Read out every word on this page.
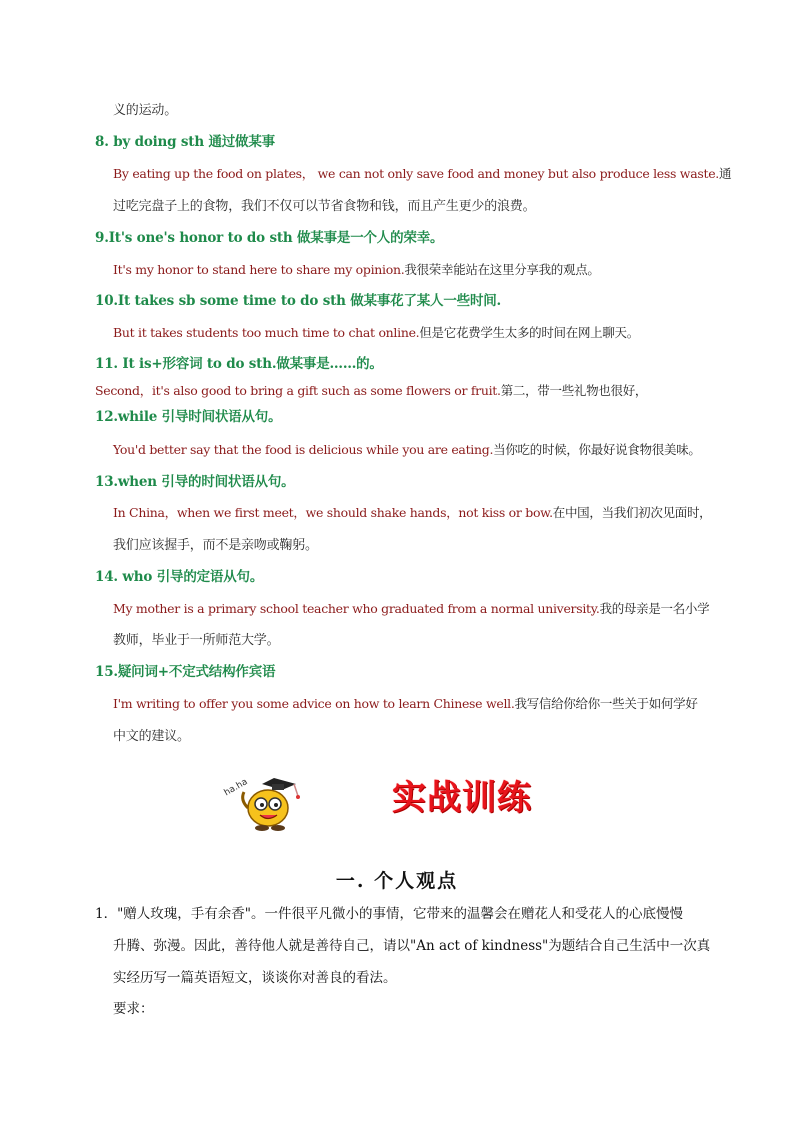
义的运动。
8. by doing sth 通过做某事
By eating up the food on plates， we can not only save food and money but also produce less waste.通
过吃完盘子上的食物，我们不仅可以节省食物和钱，而且产生更少的浪费。
9.It's one's honor to do sth 做某事是一个人的荣幸。
It's my honor to stand here to share my opinion.我很荣幸能站在这里分享我的观点。
10.It takes sb some time to do sth 做某事花了某人一些时间.
But it takes students too much time to chat online.但是它花费学生太多的时间在网上聊天。
11. It is+形容词 to do sth.做某事是……的。
Second，it's also good to bring a gift such as some flowers or fruit.第二，带一些礼物也很好，
12.while 引导时间状语从句。
You'd better say that the food is delicious while you are eating.当你吃的时候，你最好说食物很美味。
13.when 引导的时间状语从句。
In China，when we first meet，we should shake hands，not kiss or bow.在中国，当我们初次见面时，
我们应该握手，而不是亲吻或鞠躬。
14. who 引导的定语从句。
My mother is a primary school teacher who graduated from a normal university.我的母亲是一名小学
教师，毕业于一所师范大学。
15.疑问词+不定式结构作宾语
I'm writing to offer you some advice on how to learn Chinese well.我写信给你给你一些关于如何学好
中文的建议。
ha.ha	实战训练
一. 个人观点
1．"赠人玫瑰，手有余香"。一件很平凡微小的事情，它带来的温馨会在赠花人和受花人的心底慢慢
升腾、弥漫。因此，善待他人就是善待自己，请以"An act of kindness"为题结合自己生活中一次真
实经历写一篇英语短文，谈谈你对善良的看法。
要求：
